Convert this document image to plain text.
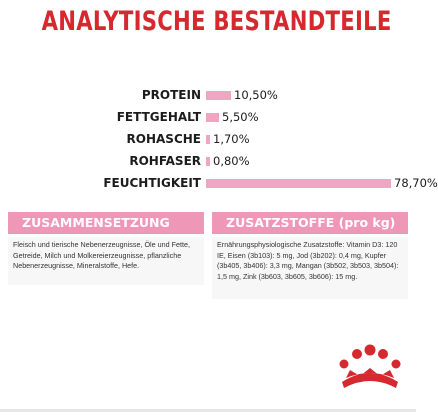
ANALYTISCHE BESTANDTEILE
PROTEIN	10,50%
FETTGEHALT 5,50%
ROHASCHE 1,70%
ROHFASER 0,80%
FEUCHTIGKEIT	78,70%
ZUSAMMENSETZUNG
Fleisch und tierische Nebenerzeugnisse, Öle und Fette, Getreide, Milch und Molkereierzeugnisse, pflanzliche Nebenerzeugnisse, Mineralstoffe, Hefe.
ZUSATZSTOFFE (pro kg)
Ernährungsphysiologische Zusatzstoffe: Vitamin D3: 120 IE, Eisen (3b103): 5 mg, Jod (3b202): 0,4 mg, Kupfer (3b405, 3b406): 3,3 mg, Mangan (3b502, 3b503, 3b504): 1,5 mg, Zink (3b603, 3b605, 3b606): 15 mg.
